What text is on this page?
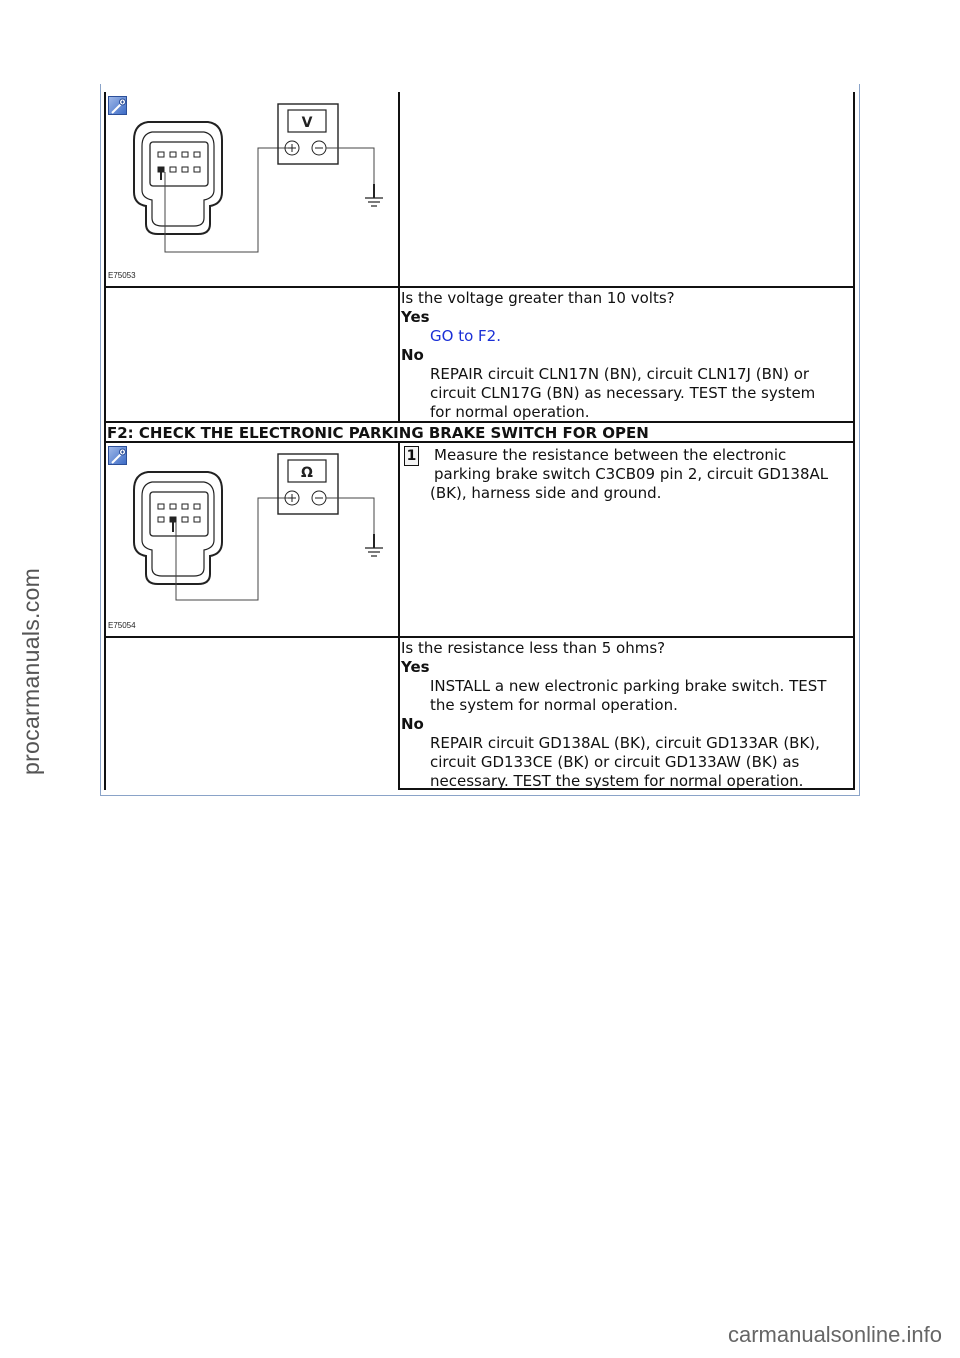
V
E75053
Is the voltage greater than 10 volts?
Yes
GO to F2.
No
REPAIR circuit CLN17N (BN), circuit CLN17J (BN) or
circuit CLN17G (BN) as necessary. TEST the system
for normal operation.
F2: CHECK THE ELECTRONIC PARKING BRAKE SWITCH FOR OPEN
Ω
E75054
1 Measure the resistance between the electronic
parking brake switch C3CB09 pin 2, circuit GD138AL
(BK), harness side and ground.
Is the resistance less than 5 ohms?
Yes
INSTALL a new electronic parking brake switch. TEST
the system for normal operation.
No
REPAIR circuit GD138AL (BK), circuit GD133AR (BK),
circuit GD133CE (BK) or circuit GD133AW (BK) as
necessary. TEST the system for normal operation.
procarmanuals.com
carmanualsonline.info
